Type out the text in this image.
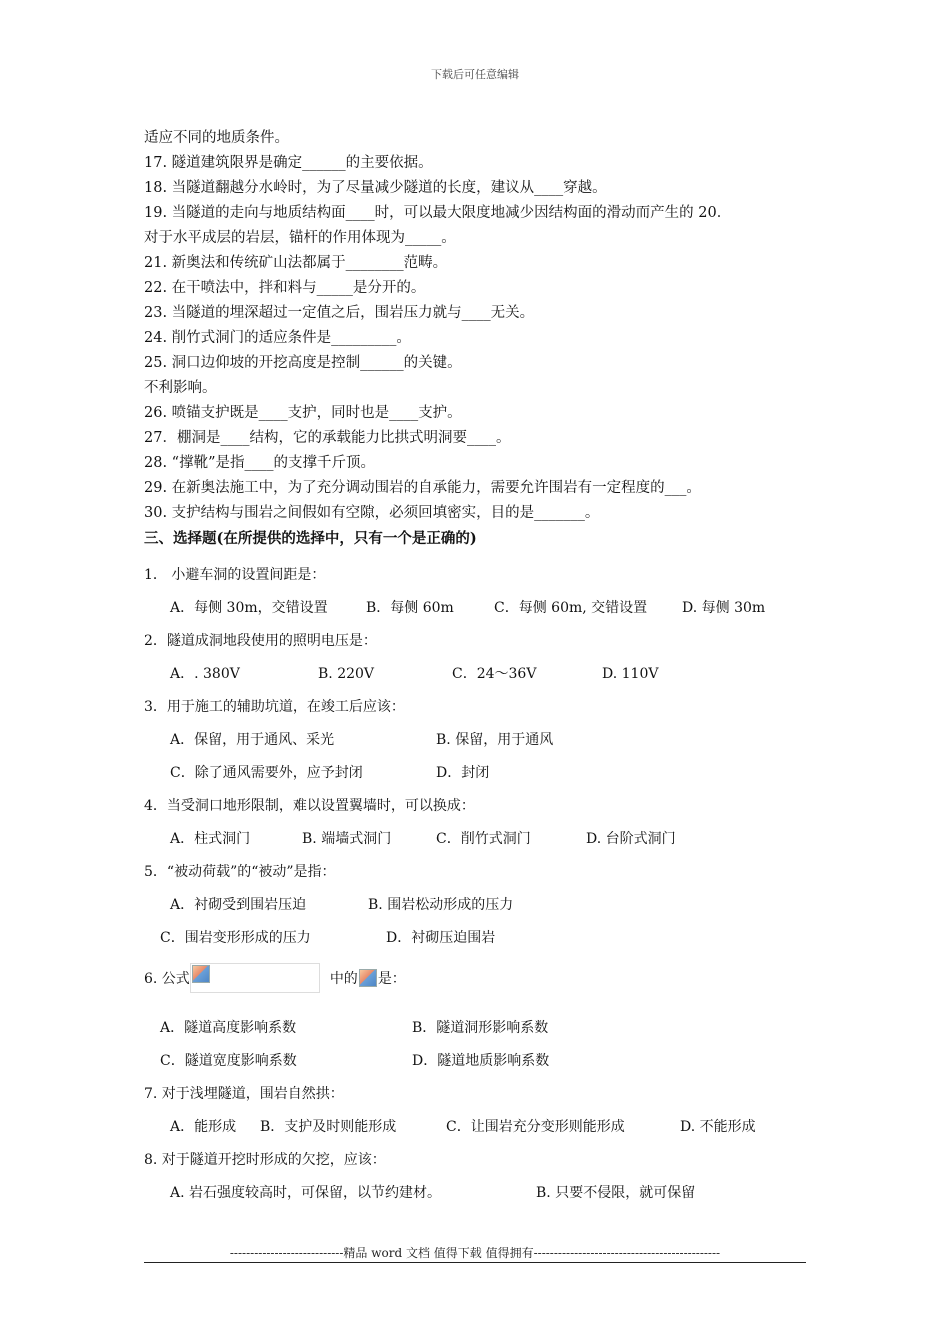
下载后可任意编辑
适应不同的地质条件。
17. 隧道建筑限界是确定______的主要依据。
18. 当隧道翻越分水岭时，为了尽量减少隧道的长度，建议从____穿越。
19. 当隧道的走向与地质结构面____时，可以最大限度地减少因结构面的滑动而产生的 20．
对于水平成层的岩层，锚杆的作用体现为_____。
21. 新奥法和传统矿山法都属于________范畴。
22. 在干喷法中，拌和料与_____是分开的。
23. 当隧道的埋深超过一定值之后，围岩压力就与____无关。
24. 削竹式洞门的适应条件是_________。
25. 洞口边仰坡的开挖高度是控制______的关键。
不利影响。
26. 喷锚支护既是____支护，同时也是____支护。
27．棚洞是____结构，它的承载能力比拱式明洞要____。
28. “撑靴”是指____的支撑千斤顶。
29. 在新奥法施工中，为了充分调动围岩的自承能力，需要允许围岩有一定程度的___。
30. 支护结构与围岩之间假如有空隙，必须回填密实，目的是_______。
三、选择题(在所提供的选择中，只有一个是正确的)
1． 小避车洞的设置间距是：
A．每侧 30m，交错设置	B．每侧 60m	C．每侧 60m, 交错设置 D. 每侧 30m
2．隧道成洞地段使用的照明电压是：
A．. 380V	B. 220V	C．24～36V	D. 110V
3．用于施工的辅助坑道，在竣工后应该：
A．保留，用于通风、采光	B. 保留，用于通风
C．除了通风需要外，应予封闭	D．封闭
4．当受洞口地形限制，难以设置翼墙时，可以换成：
A．柱式洞门	B. 端墙式洞门	C．削竹式洞门	D. 台阶式洞门
5．“被动荷载”的“被动”是指：
A．衬砌受到围岩压迫	B. 围岩松动形成的压力
C．围岩变形形成的压力	D．衬砌压迫围岩
6. 公式	中的 是：
A．隧道高度影响系数	B．隧道洞形影响系数
C．隧道宽度影响系数	D．隧道地质影响系数
7. 对于浅埋隧道，围岩自然拱：
A．能形成 B．支护及时则能形成	C．让围岩充分变形则能形成	D. 不能形成
8. 对于隧道开挖时形成的欠挖，应该：
A. 岩石强度较高时，可保留，以节约建材。	B. 只要不侵限，就可保留
----------------------------精品 word 文档 值得下载 值得拥有----------------------------------------------
